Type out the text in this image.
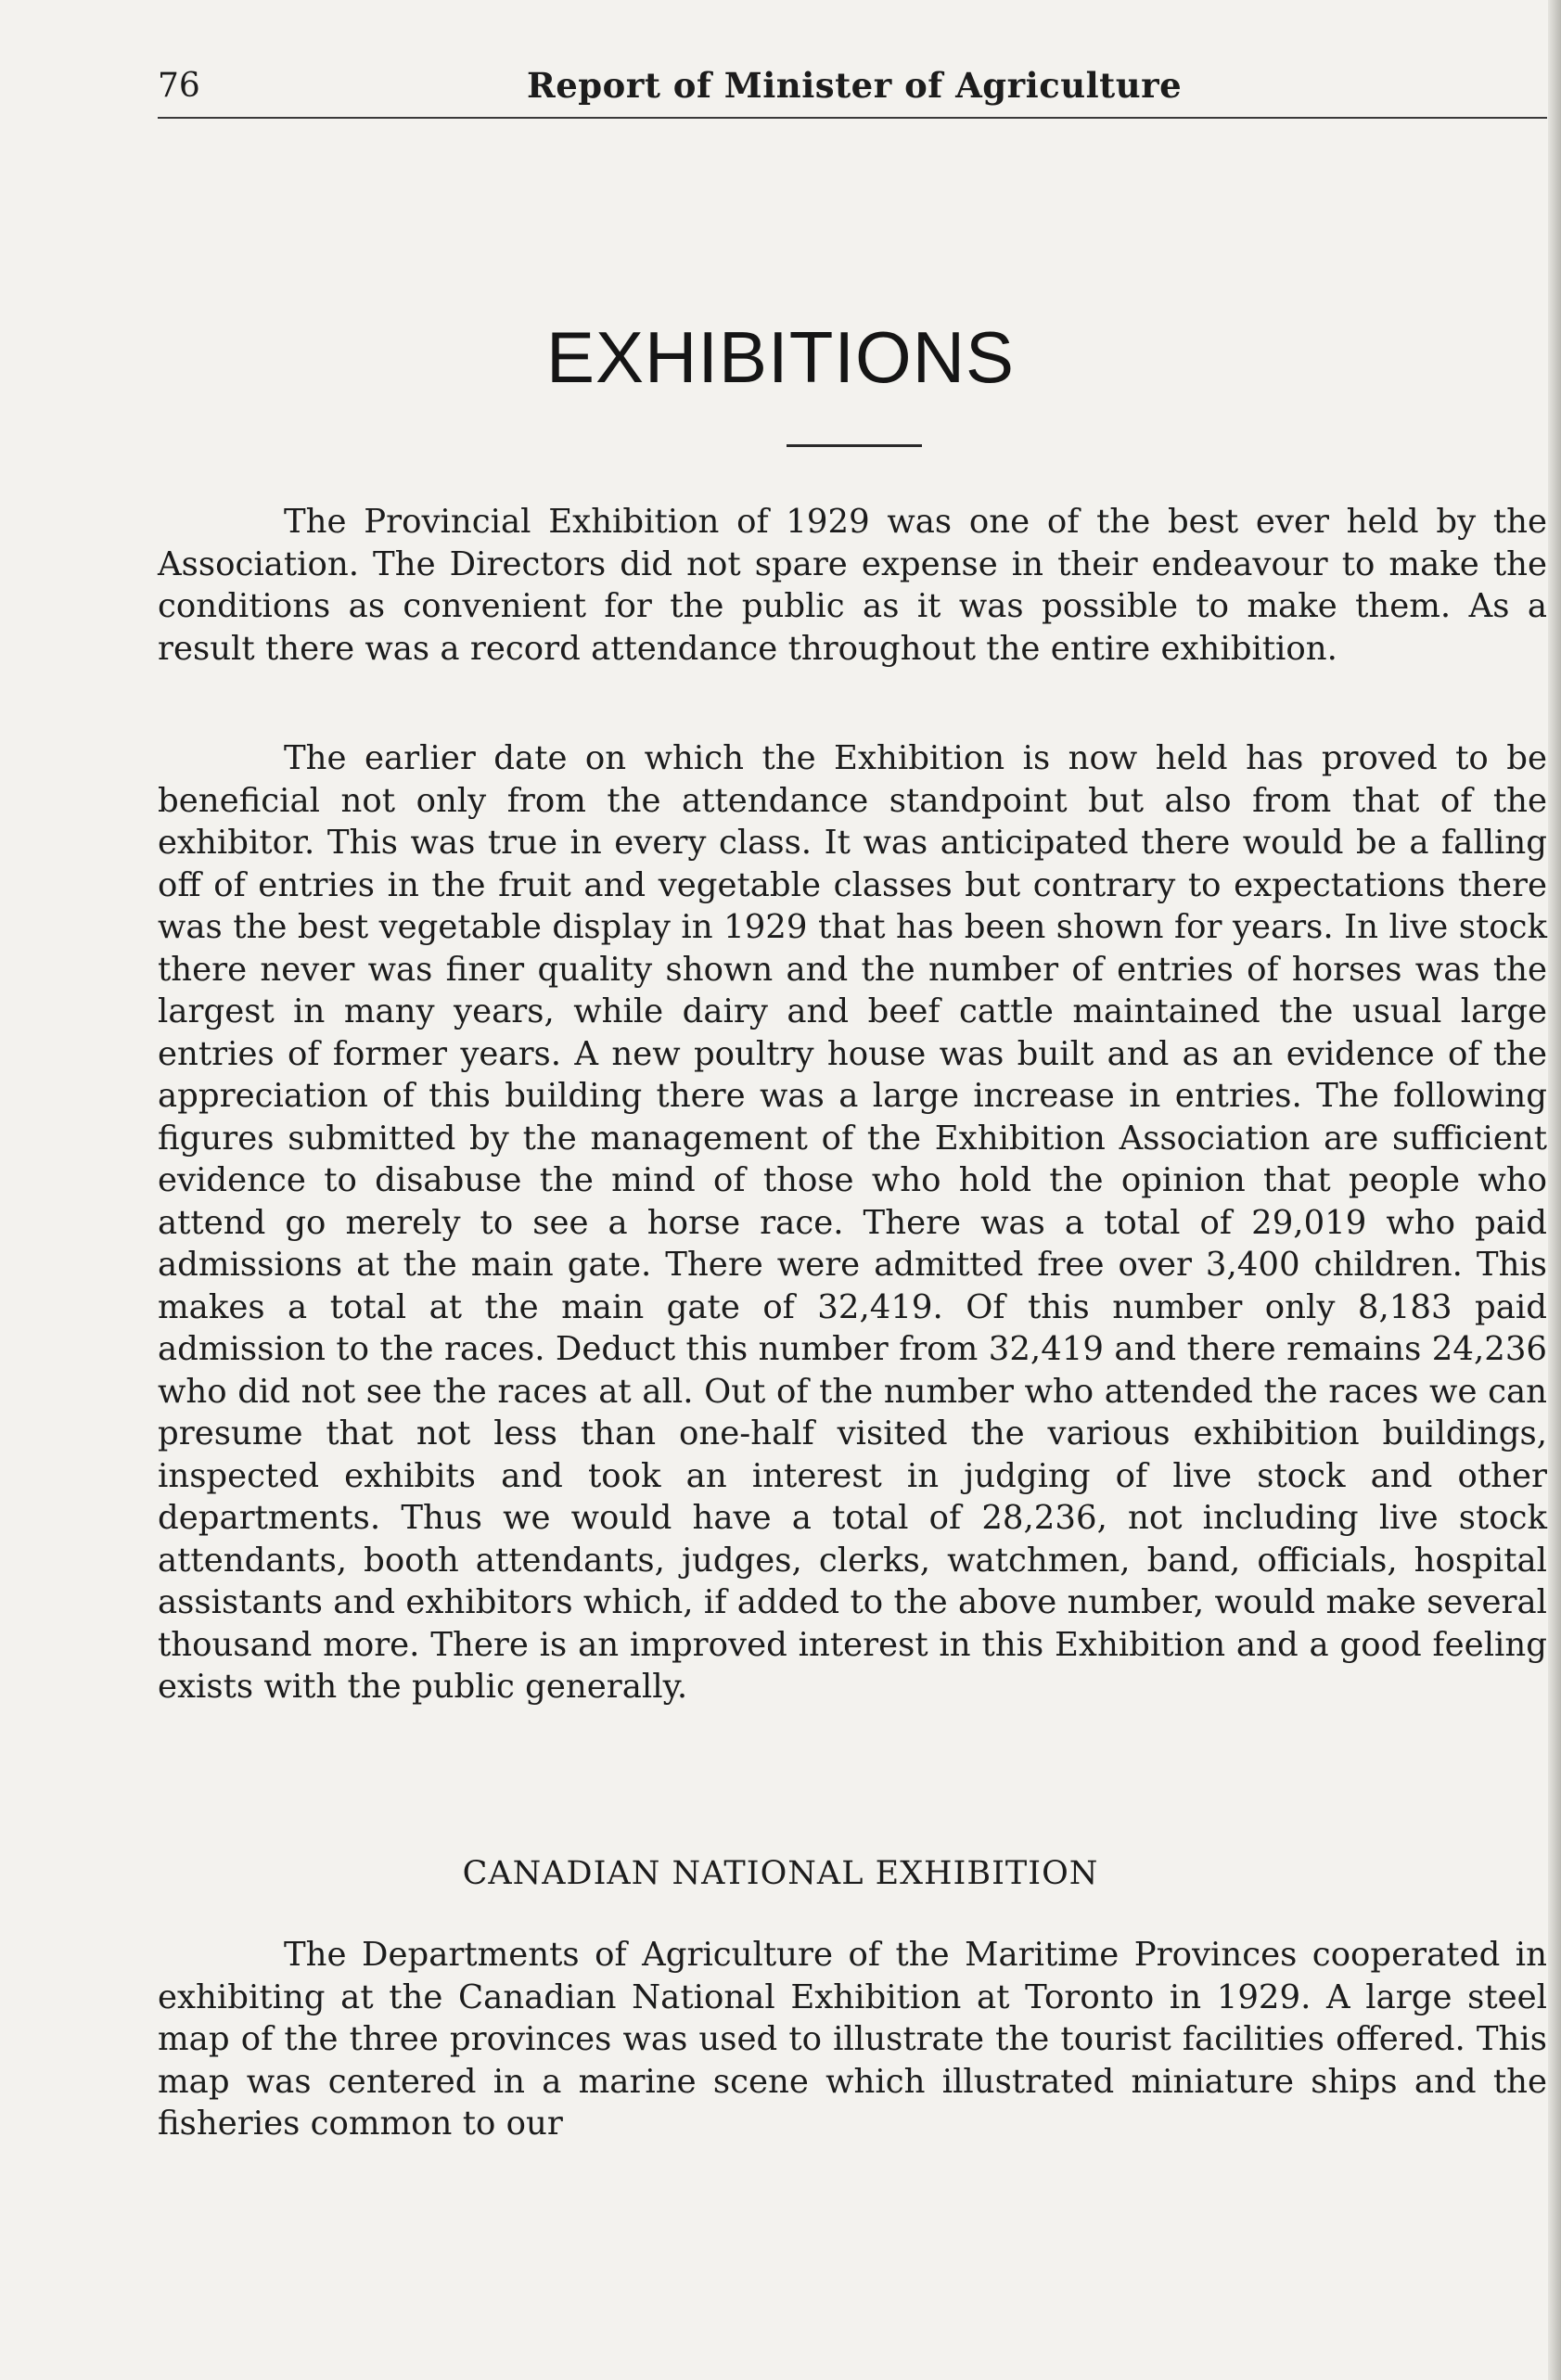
76	Report of Minister of Agriculture
EXHIBITIONS

The Provincial Exhibition of 1929 was one of the best ever held by the Association. The Directors did not spare expense in their endeavour to make the conditions as convenient for the public as it was possible to make them. As a result there was a record attendance throughout the entire exhibition.

The earlier date on which the Exhibition is now held has proved to be beneficial not only from the attendance standpoint but also from that of the exhibitor. This was true in every class. It was anticipated there would be a falling off of entries in the fruit and vegetable classes but contrary to expectations there was the best vegetable display in 1929 that has been shown for years. In live stock there never was finer quality shown and the number of entries of horses was the largest in many years, while dairy and beef cattle maintained the usual large entries of former years. A new poultry house was built and as an evidence of the appreciation of this building there was a large increase in entries. The following figures submitted by the management of the Exhibition Association are sufficient evidence to disabuse the mind of those who hold the opinion that people who attend go merely to see a horse race. There was a total of 29,019 who paid admissions at the main gate. There were admitted free over 3,400 children. This makes a total at the main gate of 32,419. Of this number only 8,183 paid admission to the races. Deduct this number from 32,419 and there remains 24,236 who did not see the races at all. Out of the number who attended the races we can presume that not less than one-half visited the various exhibition buildings, inspected exhibits and took an interest in judging of live stock and other departments. Thus we would have a total of 28,236, not including live stock attendants, booth attendants, judges, clerks, watchmen, band, officials, hospital assistants and exhibitors which, if added to the above number, would make several thousand more. There is an improved interest in this Exhibition and a good feeling exists with the public generally.

CANADIAN NATIONAL EXHIBITION

The Departments of Agriculture of the Maritime Provinces cooperated in exhibiting at the Canadian National Exhibition at Toronto in 1929. A large steel map of the three provinces was used to illustrate the tourist facilities offered. This map was centered in a marine scene which illustrated miniature ships and the fisheries common to our
